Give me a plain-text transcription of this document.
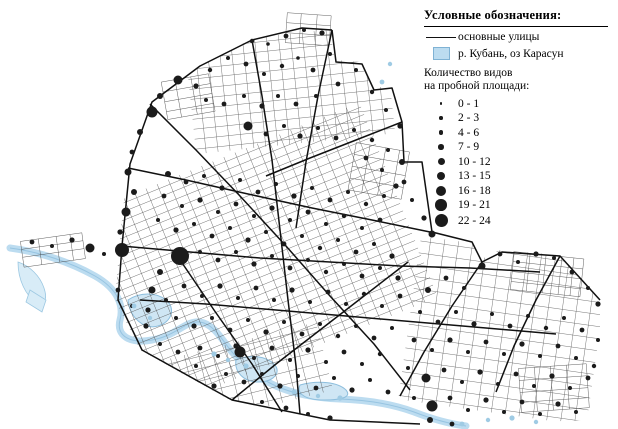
Условные обозначения:
основные улицы
р. Кубань, оз Карасун
Количество видов
на пробной площади:
0 - 1
2 - 3
4 - 6
7 - 9
10 - 12
13 - 15
16 - 18
19 - 21
22 - 24
